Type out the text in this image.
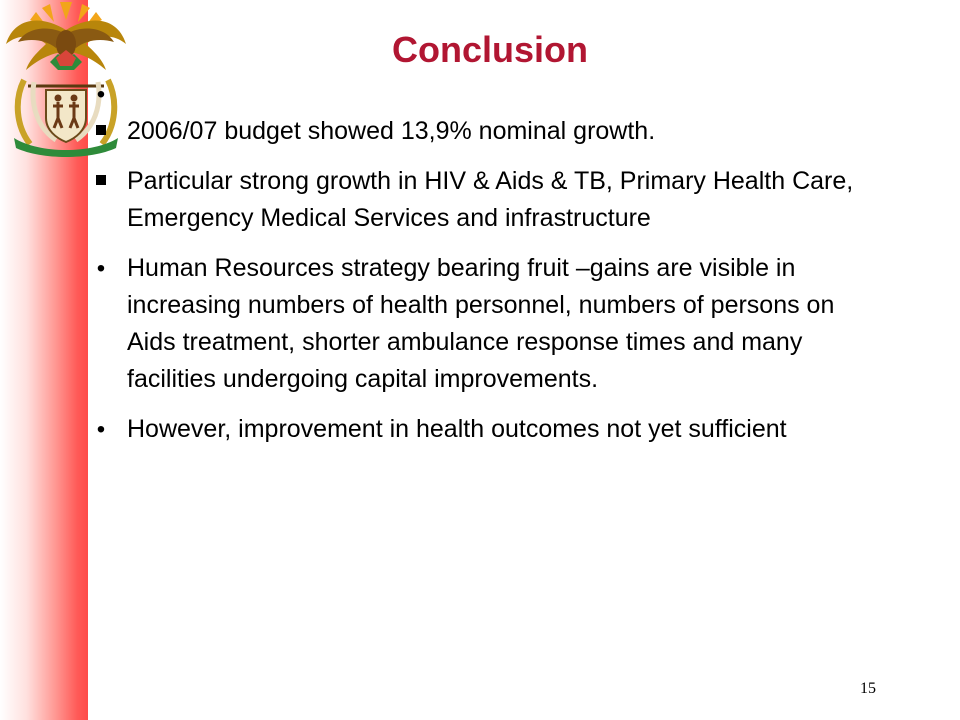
Conclusion
•
2006/07 budget showed 13,9% nominal growth.
Particular strong growth in HIV & Aids & TB, Primary Health Care, Emergency Medical Services and infrastructure
•
Human Resources strategy bearing fruit –gains are visible in increasing numbers of health personnel, numbers of persons on Aids treatment, shorter ambulance response times and many facilities undergoing capital improvements.
•
However, improvement in health outcomes not yet sufficient
15
